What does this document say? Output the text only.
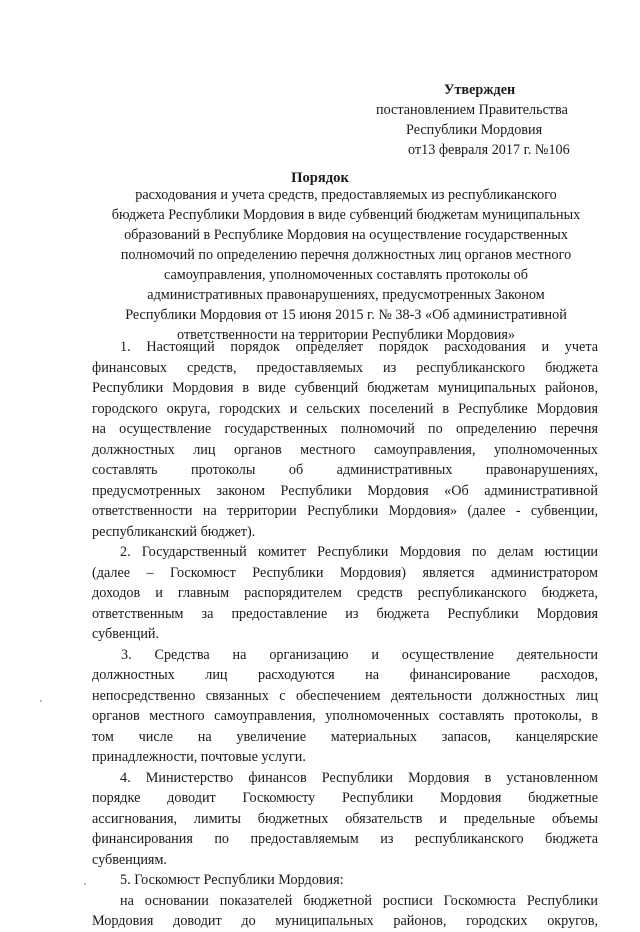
Утвержден
постановлением Правительства
Республики Мордовия
от13 февраля 2017 г. №106
Порядок
расходования и учета средств, предоставляемых из республиканского
бюджета Республики Мордовия в виде субвенций бюджетам муниципальных
образований в Республике Мордовия на осуществление государственных
полномочий по определению перечня должностных лиц органов местного
самоуправления, уполномоченных составлять протоколы об
административных правонарушениях, предусмотренных Законом
Республики Мордовия от 15 июня 2015 г. № 38-З «Об административной
ответственности на территории Республики Мордовия»
1. Настоящий порядок определяет порядок расходования и учета
финансовых средств, предоставляемых из республиканского бюджета
Республики Мордовия в виде субвенций бюджетам муниципальных районов,
городского округа, городских и сельских поселений в Республике Мордовия
на осуществление государственных полномочий по определению перечня
должностных лиц органов местного самоуправления, уполномоченных
составлять протоколы об административных правонарушениях,
предусмотренных законом Республики Мордовия «Об административной
ответственности на территории Республики Мордовия» (далее - субвенции,
республиканский бюджет).
2. Государственный комитет Республики Мордовия по делам юстиции
(далее – Госкомюст Республики Мордовия) является администратором
доходов и главным распорядителем средств республиканского бюджета,
ответственным за предоставление из бюджета Республики Мордовия
субвенций.
3. Средства на организацию и осуществление деятельности
должностных лиц расходуются на финансирование расходов,
непосредственно связанных с обеспечением деятельности должностных лиц
органов местного самоуправления, уполномоченных составлять протоколы, в
том числе на увеличение материальных запасов, канцелярские
принадлежности, почтовые услуги.
4. Министерство финансов Республики Мордовия в установленном
порядке доводит Госкомюсту Республики Мордовия бюджетные
ассигнования, лимиты бюджетных обязательств и предельные объемы
финансирования по предоставляемым из республиканского бюджета
субвенциям.
5. Госкомюст Республики Мордовия:
на основании показателей бюджетной росписи Госкомюста Республики
Мордовия доводит до муниципальных районов, городских округов,
